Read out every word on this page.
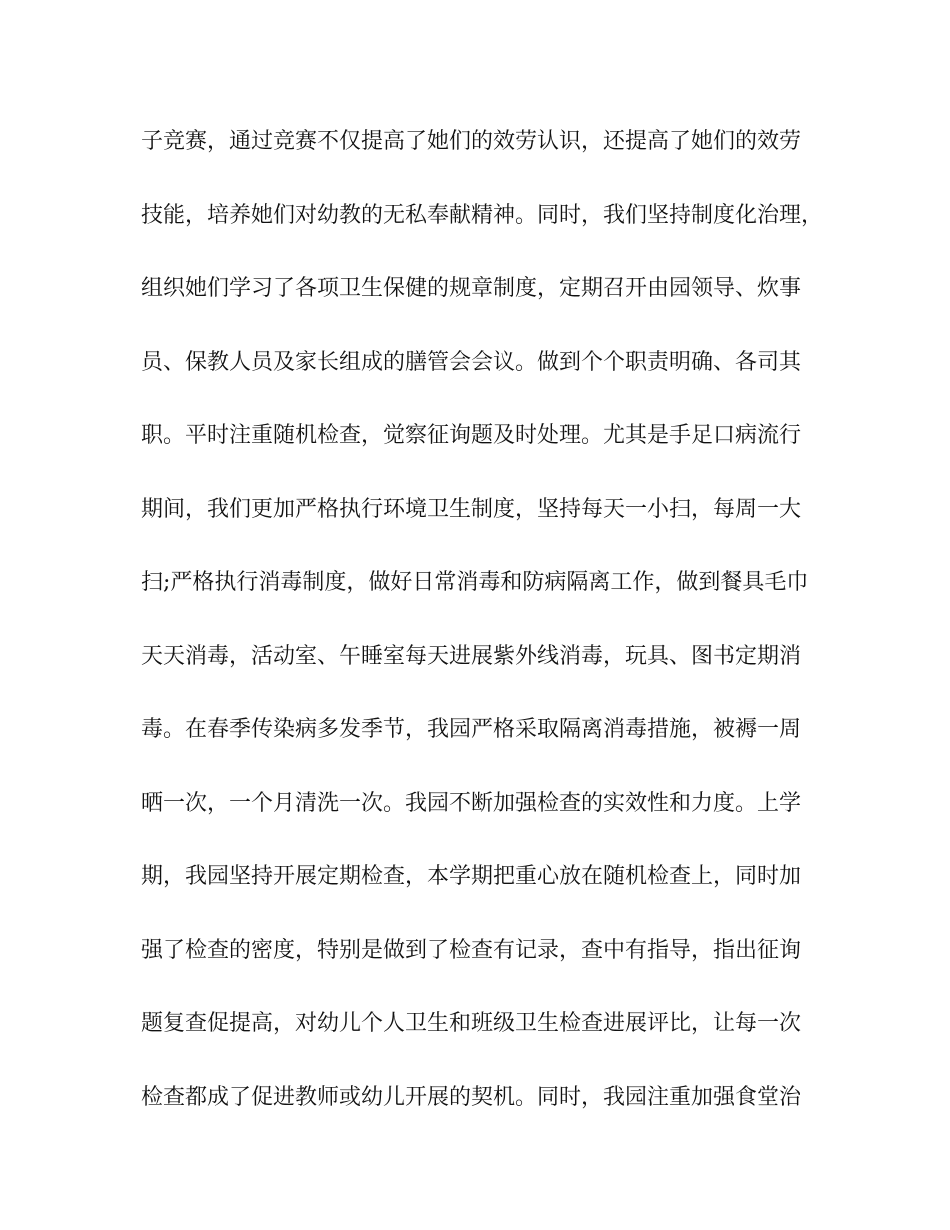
子竞赛，通过竞赛不仅提高了她们的效劳认识，还提高了她们的效劳
技能，培养她们对幼教的无私奉献精神。同时，我们坚持制度化治理，
组织她们学习了各项卫生保健的规章制度，定期召开由园领导、炊事
员、保教人员及家长组成的膳管会会议。做到个个职责明确、各司其
职。平时注重随机检查，觉察征询题及时处理。尤其是手足口病流行
期间，我们更加严格执行环境卫生制度，坚持每天一小扫，每周一大
扫;严格执行消毒制度，做好日常消毒和防病隔离工作，做到餐具毛巾
天天消毒，活动室、午睡室每天进展紫外线消毒，玩具、图书定期消
毒。在春季传染病多发季节，我园严格采取隔离消毒措施，被褥一周
晒一次，一个月清洗一次。我园不断加强检查的实效性和力度。上学
期，我园坚持开展定期检查，本学期把重心放在随机检查上，同时加
强了检查的密度，特别是做到了检查有记录，查中有指导，指出征询
题复查促提高，对幼儿个人卫生和班级卫生检查进展评比，让每一次
检查都成了促进教师或幼儿开展的契机。同时，我园注重加强食堂治
